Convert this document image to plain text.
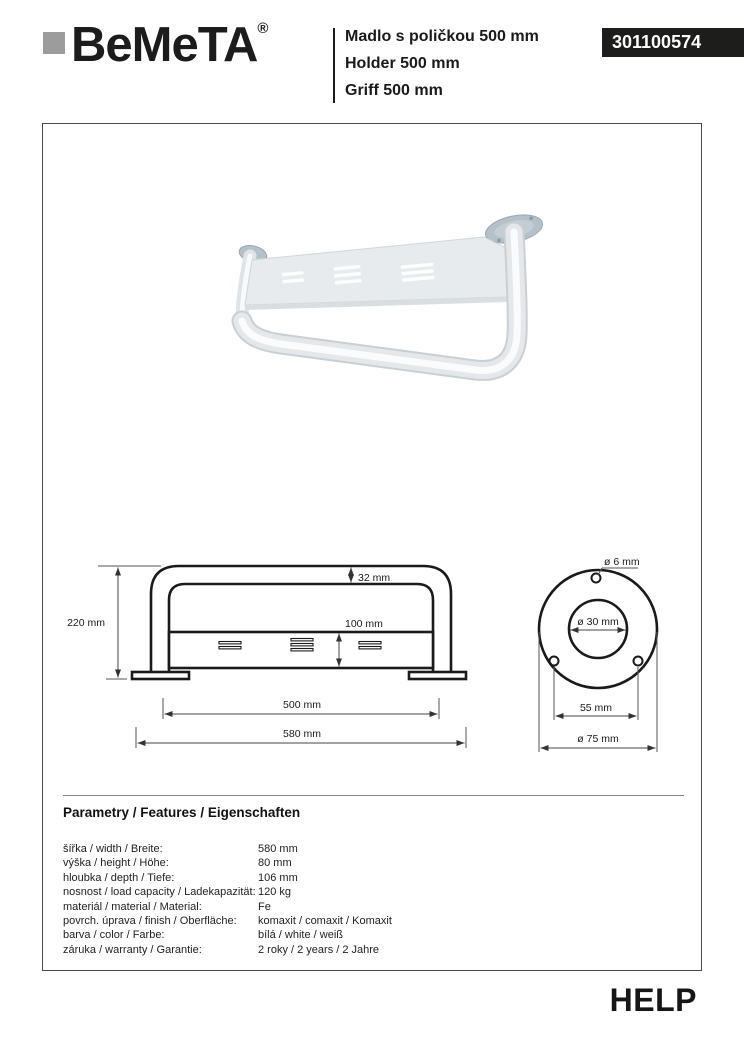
BeMeTA®	Madlo s poličkou 500 mm
Holder 500 mm
Griff 500 mm
301100574
220 mm
32 mm
100 mm
500 mm
580 mm
ø 6 mm
ø 30 mm
55 mm
ø 75 mm
Parametry / Features / Eigenschaften
šířka / width / Breite:	580 mm
výška / height / Höhe:	80 mm
hloubka / depth / Tiefe:	106 mm
nosnost / load capacity / Ladekapazität: 120 kg
materiál / material / Material:	Fe
povrch. úprava / finish / Oberfläche:	komaxit / comaxit / Komaxit
barva / color / Farbe:	bílá / white / weiß
záruka / warranty / Garantie:	2 roky / 2 years / 2 Jahre
HELP
